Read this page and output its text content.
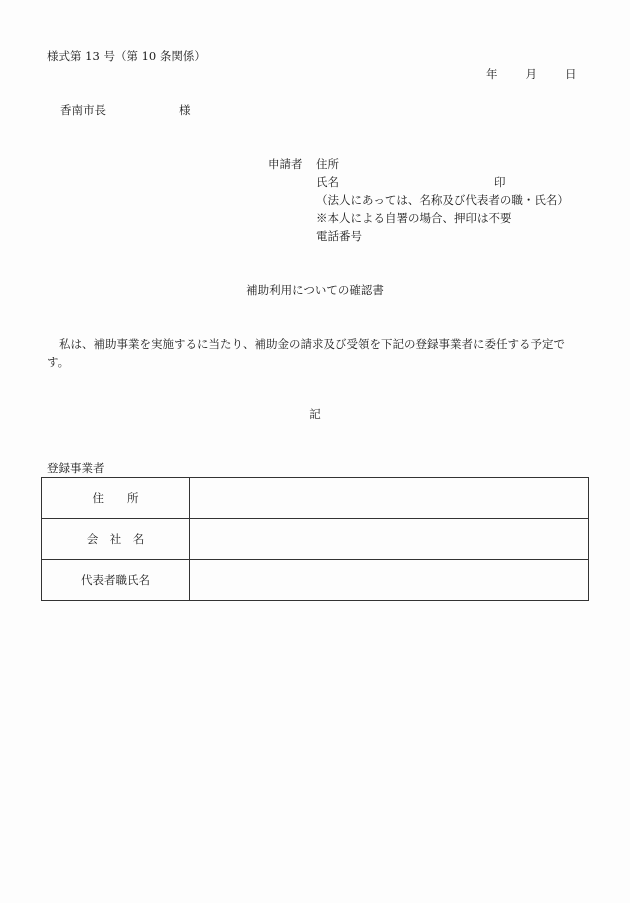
様式第 13 号（第 10 条関係）
年 月 日
香南市長	様
申請者 住所
氏名	印
（法人にあっては、名称及び代表者の職・氏名）
※本人による自署の場合、押印は不要
電話番号
補助利用についての確認書
私は、補助事業を実施するに当たり、補助金の請求及び受領を下記の登録事業者に委任する予定です。
記
登録事業者
住　　所	
会　社　名	
代表者職氏名	
